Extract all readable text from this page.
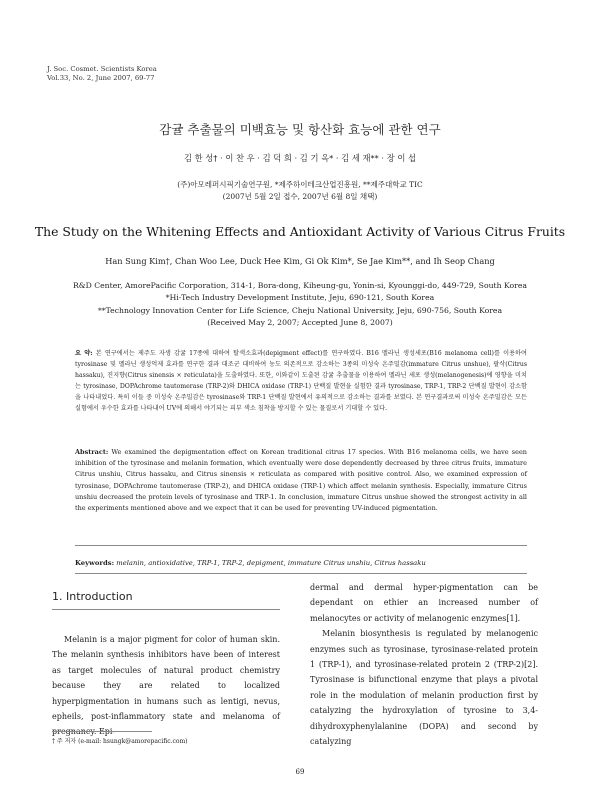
J. Soc. Cosmet. Scientists Korea
Vol.33, No. 2, June 2007, 69-77
감귤 추출물의 미백효능 및 항산화 효능에 관한 연구
김 한 성† · 이 찬 우 · 김 덕 희 · 김 기 옥* · 김 세 재** · 장 이 섭
(주)아모레퍼시픽기술연구원, *제주하이테크산업진흥원, **제주대학교 TIC
(2007년 5월 2일 접수, 2007년 6월 8일 채택)
The Study on the Whitening Effects and Antioxidant Activity of Various Citrus Fruits
Han Sung Kim†, Chan Woo Lee, Duck Hee Kim, Gi Ok Kim*, Se Jae Kim**, and Ih Seop Chang
R&D Center, AmorePacific Corporation, 314-1, Bora-dong, Kiheung-gu, Yonin-si, Kyounggi-do, 449-729, South Korea
*Hi-Tech Industry Development Institute, Jeju, 690-121, South Korea
**Technology Innovation Center for Life Science, Cheju National University, Jeju, 690-756, South Korea
(Received May 2, 2007; Accepted June 8, 2007)
요 약: 본 연구에서는 제주도 자생 감귤 17종에 대하여 탈색소효과(depigment effect)를 연구하였다. B16 멜라닌 생성세포(B16 melanoma cell)를 이용하여 tyrosinase 및 멜라닌 생성억제 효과를 연구한 결과 대조군 대비하여 농도 의존적으로 감소하는 3종의 미성숙 온주밀감(immature Citrus unshue), 팔삭(Citrus hassaku), 진지향(Citrus sinensis × reticulata)을 도출하였다. 또한, 이와같이 도출된 감귤 추출물을 이용하여 멜라닌 세포 생성(melanogenesis)에 영향을 미치는 tyrosinase, DOPAchrome tautomerase (TRP-2)와 DHICA oxidase (TRP-1) 단백질 발현을 실험한 결과 tyrosinase, TRP-1, TRP-2 단백질 발현이 감소함을 나타내었다. 특히 이들 중 미성숙 온주밀감은 tyrosinase와 TRP-1 단백질 발현에서 유의적으로 감소하는 결과를 보였다. 본 연구결과로써 미성숙 온주밀감은 모든 실험에서 우수한 효과를 나타내어 UV에 의해서 야기되는 피부 색소 침착을 방지할 수 있는 물질로서 기대할 수 있다.
Abstract: We examined the depigmentation effect on Korean traditional citrus 17 species. With B16 melanoma cells, we have seen inhibition of the tyrosinase and melanin formation, which eventually were dose dependently decreased by three citrus fruits, immature Citrus unshiu, Citrus hassaku, and Citrus sinensis × reticulata as compared with positive control. Also, we examined expression of tyrosinase, DOPAchrome tautomerase (TRP-2), and DHICA oxidase (TRP-1) which affect melanin synthesis. Especially, immature Citrus unshiu decreased the protein levels of tyrosinase and TRP-1. In conclusion, immature Citrus unshue showed the strongest activity in all the experiments mentioned above and we expect that it can be used for preventing UV-induced pigmentation.
Keywords: melanin, antioxidative, TRP-1, TRP-2, depigment, immature Citrus unshiu, Citrus hassaku
1. Introduction

Melanin is a major pigment for color of human skin. The melanin synthesis inhibitors have been of interest as target molecules of natural product chemistry because they are related to localized hyperpigmentation in humans such as lentigi, nevus, epheils, post-inflammatory state and melanoma of

dermal and dermal hyper-pigmentation can be dependant on ethier an increased number of melanocytes or activity of melanogenic enzymes[1].

Melanin biosynthesis is regulated by melanogenic enzymes such as tyrosinase, tyrosinase-related protein 1 (TRP-1), and tyrosinase-related protein 2 (TRP-2)[2]. Tyrosinase is bifunctional enzyme that plays a pivotal role in the modulation of melanin production first by catalyzing the hydroxylation of tyrosine to 3,4-dihydroxyphenylalanine (DOPA) and second by catalyzing

† 주 저자 (e-mail: hsungk@amorepacific.com)
69
